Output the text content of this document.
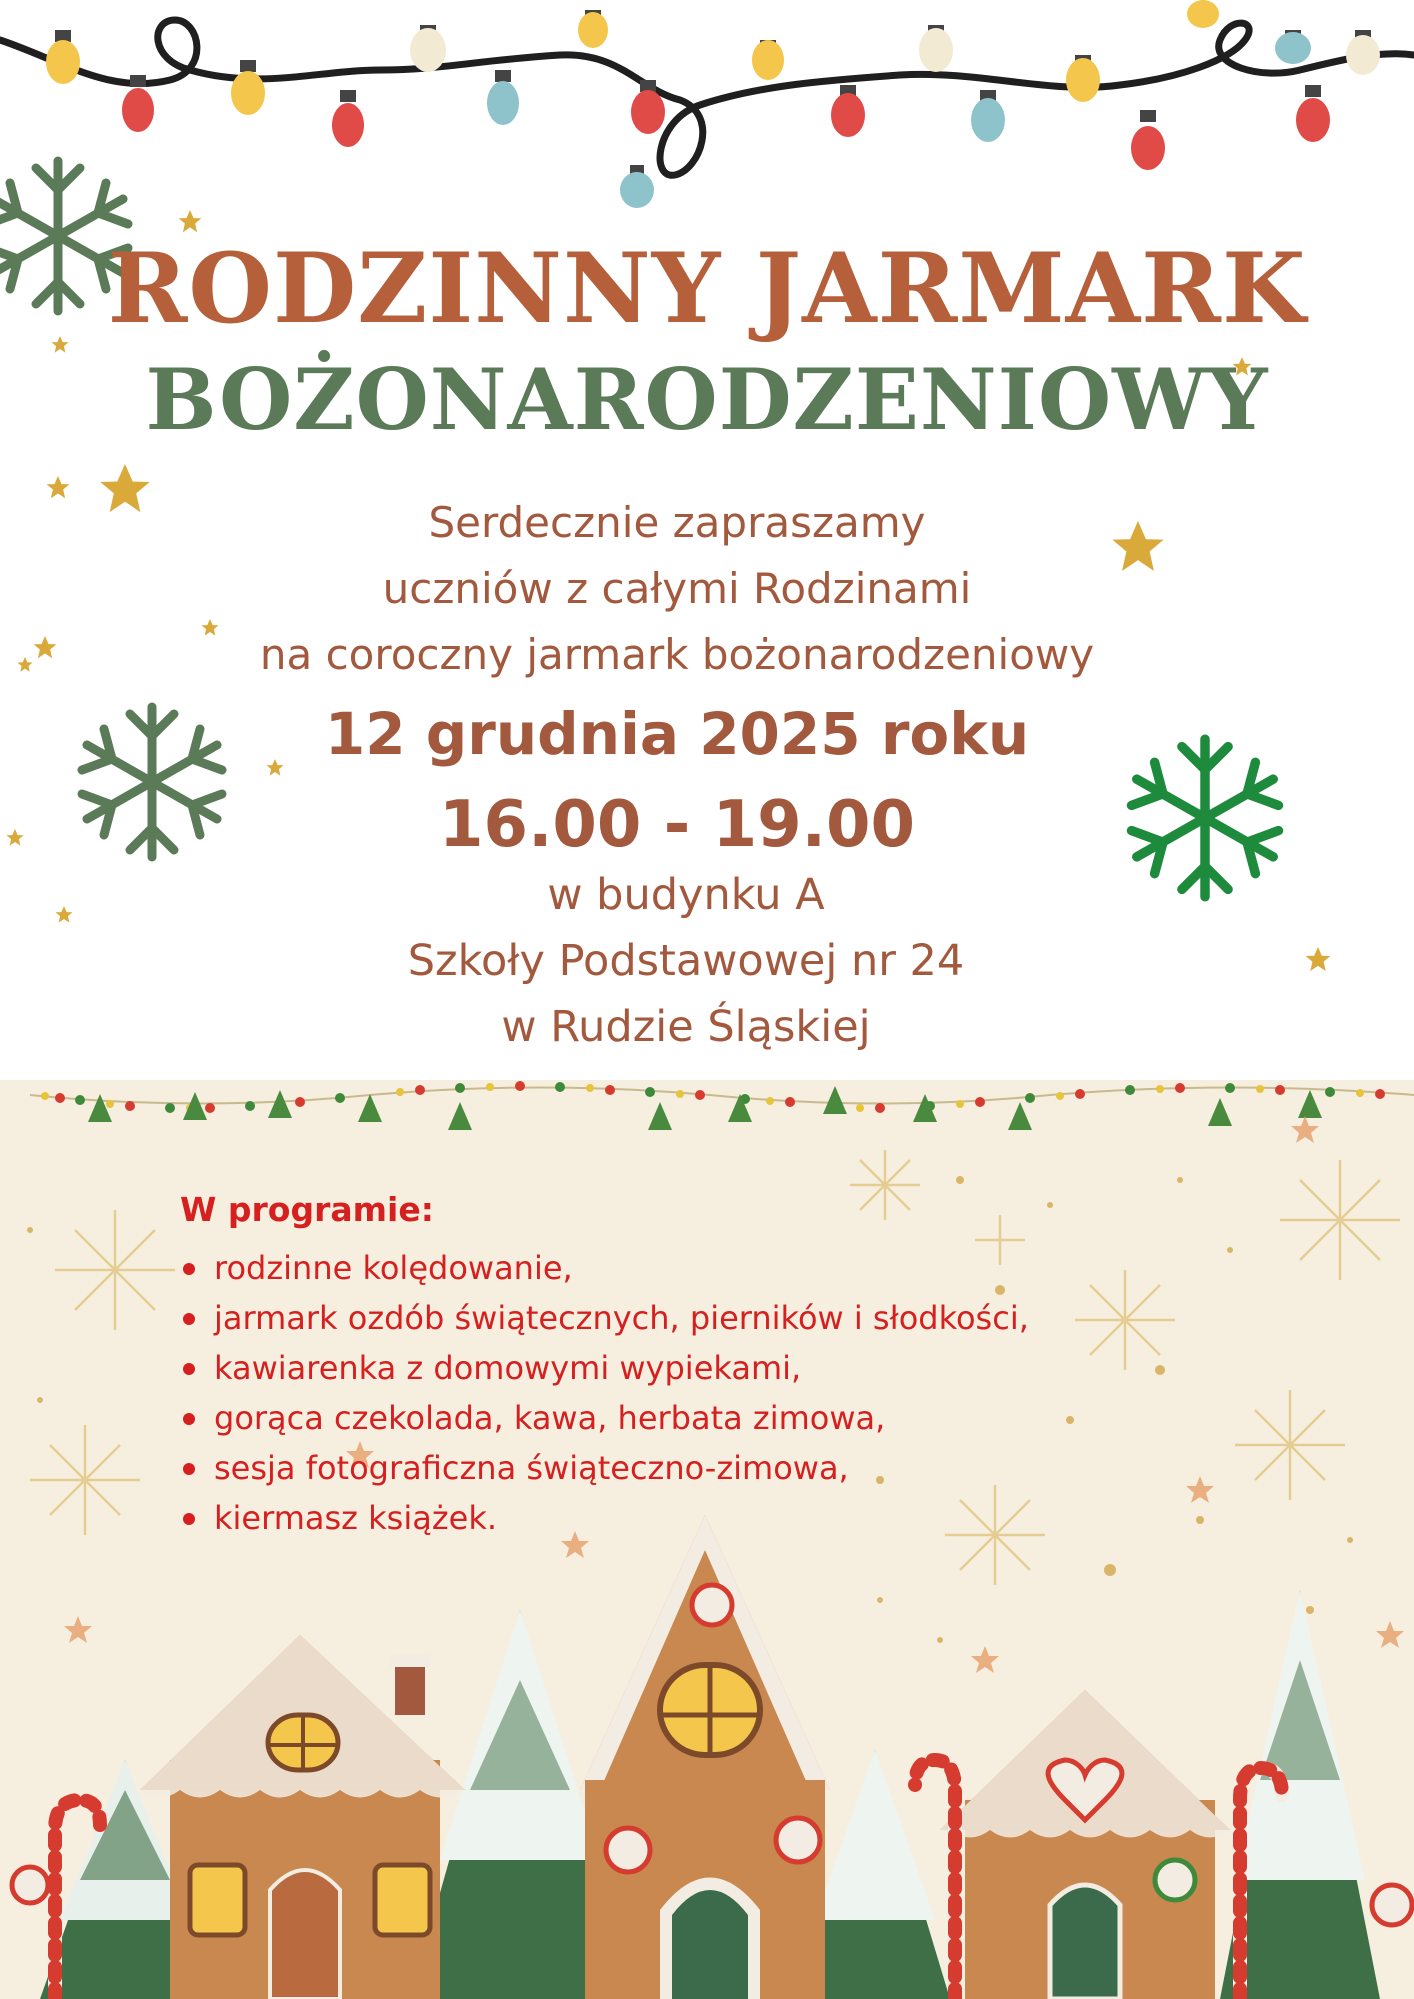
RODZINNY JARMARK
BOŻONARODZENIOWY
Serdecznie zapraszamy
uczniów z całymi Rodzinami
na coroczny jarmark bożonarodzeniowy
12 grudnia 2025 roku
16.00 - 19.00
w budynku A
Szkoły Podstawowej nr 24
w Rudzie Śląskiej
W programie:
rodzinne kolędowanie,
jarmark ozdób świątecznych, pierników i słodkości,
kawiarenka z domowymi wypiekami,
gorąca czekolada, kawa, herbata zimowa,
sesja fotograficzna świąteczno-zimowa,
kiermasz książek.
